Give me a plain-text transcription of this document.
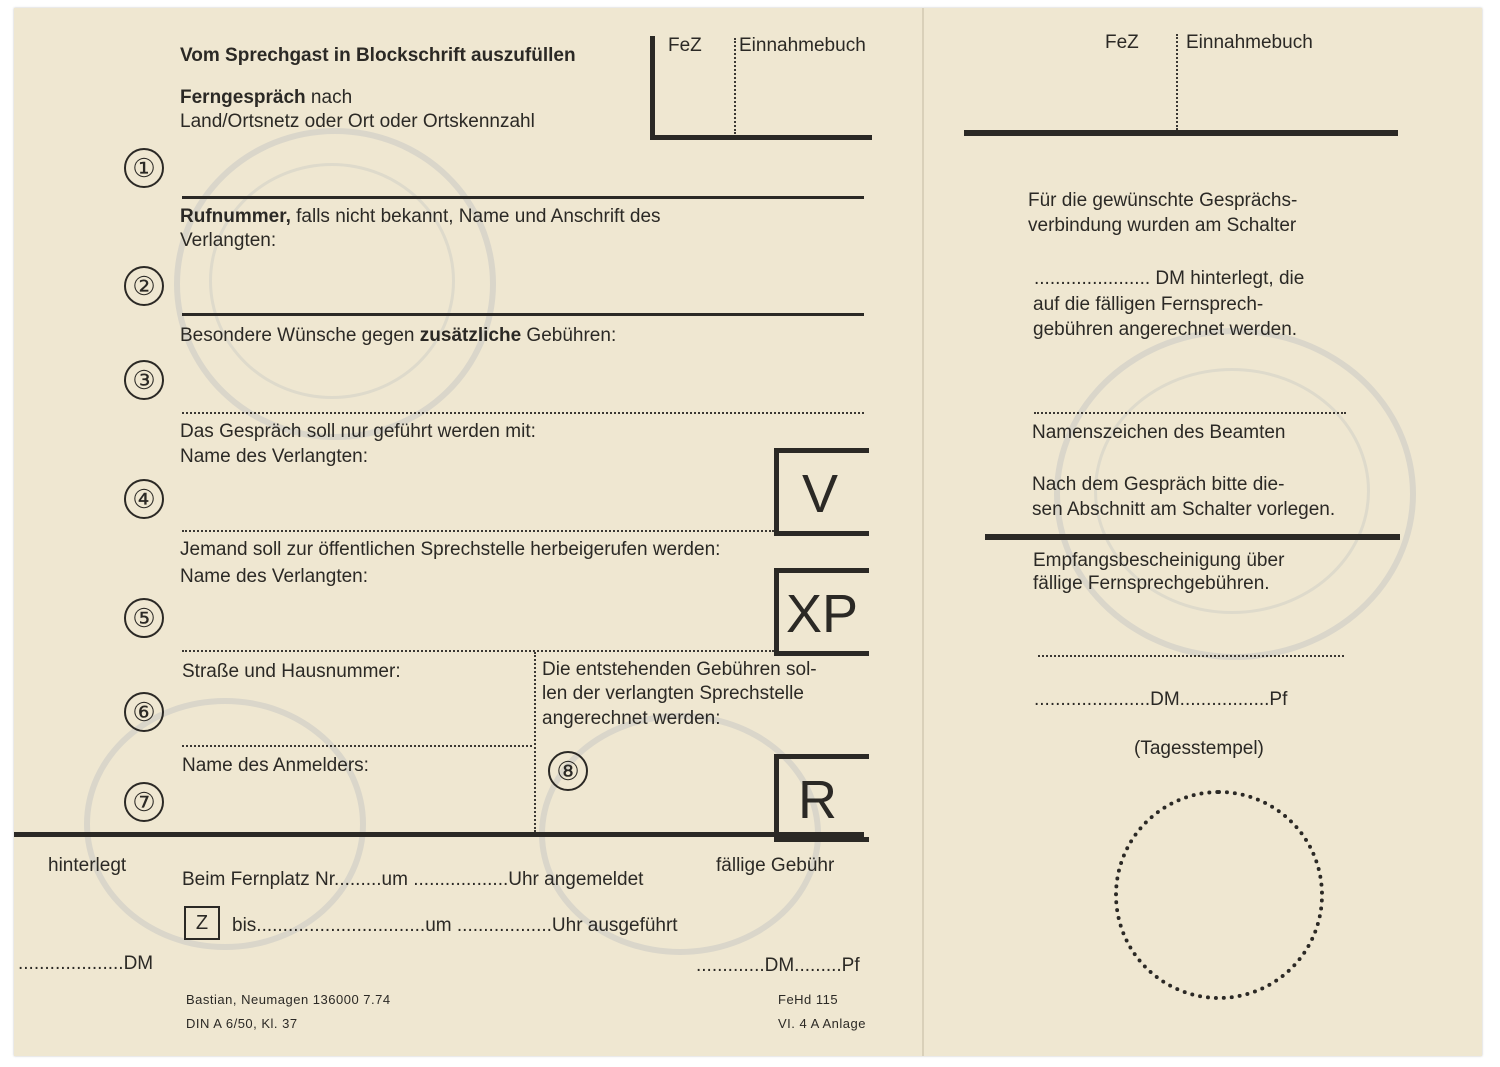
Vom Sprechgast in Blockschrift auszufüllen	FeZ Einnahmebuch
Ferngespräch nach
Land/Ortsnetz oder Ort oder Ortskennzahl
①
Rufnummer, falls nicht bekannt, Name und Anschrift des
Verlangten:
②
Besondere Wünsche gegen zusätzliche Gebühren:
③
Das Gespräch soll nur geführt werden mit:
Name des Verlangten:
④	V
Jemand soll zur öffentlichen Sprechstelle herbeigerufen werden:
Name des Verlangten:
⑤	XP
Straße und Hausnummer:
⑥
Name des Anmelders:
⑦
Die entstehenden Gebühren sol-
len der verlangten Sprechstelle
angerechnet werden:
⑧	R
hinterlegt	fällige Gebühr
Beim Fernplatz Nr.........um ..................Uhr angemeldet
Z	bis................................um ..................Uhr ausgeführt
....................DM	.............DM.........Pf
Bastian, Neumagen 136000 7.74
DIN A 6/50, Kl. 37
FeHd 115
VI. 4 A Anlage
FeZ Einnahmebuch
Für die gewünschte Gesprächs-
verbindung wurden am Schalter
...................... DM hinterlegt, die
auf die fälligen Fernsprech-
gebühren angerechnet werden.
Namenszeichen des Beamten
Nach dem Gespräch bitte die-
sen Abschnitt am Schalter vorlegen.
Empfangsbescheinigung über
fällige Fernsprechgebühren.
......................DM.................Pf
(Tagesstempel)
